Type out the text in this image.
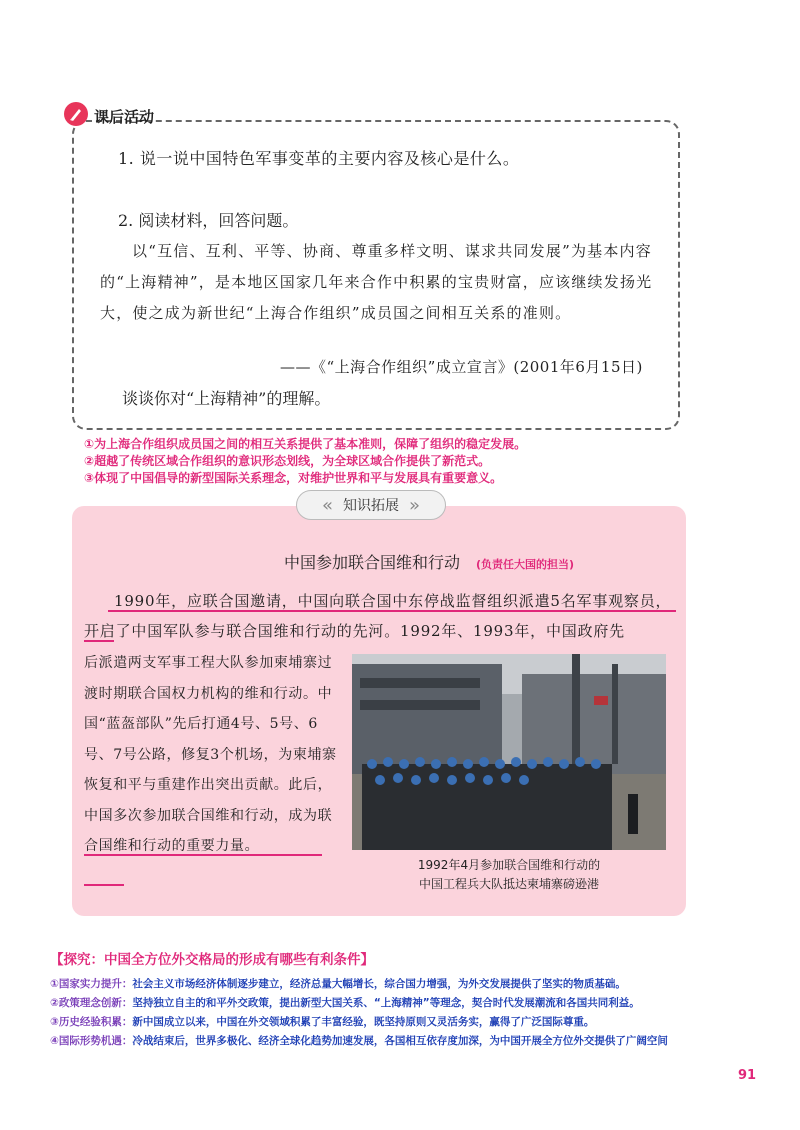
课后活动
1. 说一说中国特色军事变革的主要内容及核心是什么。
2. 阅读材料，回答问题。
以“互信、互利、平等、协商、尊重多样文明、谋求共同发展”为基本内容的“上海精神”，是本地区国家几年来合作中积累的宝贵财富，应该继续发扬光大，使之成为新世纪“上海合作组织”成员国之间相互关系的准则。
——《“上海合作组织”成立宣言》(2001年6月15日)
谈谈你对“上海精神”的理解。
①为上海合作组织成员国之间的相互关系提供了基本准则，保障了组织的稳定发展。
②超越了传统区域合作组织的意识形态划线，为全球区域合作提供了新范式。
③体现了中国倡导的新型国际关系理念，对维护世界和平与发展具有重要意义。
« 知识拓展 »
中国参加联合国维和行动 (负责任大国的担当)
1990年，应联合国邀请，中国向联合国中东停战监督组织派遣5名军事观察员，开启了中国军队参与联合国维和行动的先河。1992年、1993年，中国政府先
后派遣两支军事工程大队参加柬埔寨过渡时期联合国权力机构的维和行动。中国“蓝盔部队”先后打通4号、5号、6号、7号公路，修复3个机场，为柬埔寨恢复和平与重建作出突出贡献。此后，中国多次参加联合国维和行动，成为联合国维和行动的重要力量。
1992年4月参加联合国维和行动的
中国工程兵大队抵达柬埔寨磅逊港
【探究：中国全方位外交格局的形成有哪些有利条件】
①国家实力提升：社会主义市场经济体制逐步建立，经济总量大幅增长，综合国力增强，为外交发展提供了坚实的物质基础。
②政策理念创新：坚持独立自主的和平外交政策，提出新型大国关系、“上海精神”等理念，契合时代发展潮流和各国共同利益。
③历史经验积累：新中国成立以来，中国在外交领域积累了丰富经验，既坚持原则又灵活务实，赢得了广泛国际尊重。
④国际形势机遇：冷战结束后，世界多极化、经济全球化趋势加速发展，各国相互依存度加深，为中国开展全方位外交提供了广阔空间
91
